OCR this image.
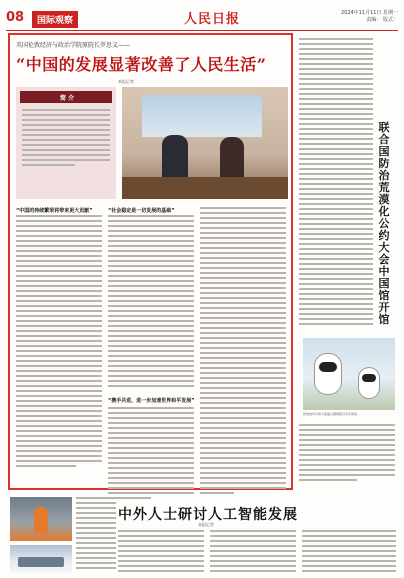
08	国际观察	人民日报	2024年11月11日 星期一
责编： 版式：
英国伦敦经济与政治学院原院长罗思义——
“中国的发展显著改善了人民生活”
本报记者
简 介
“中国的持续繁荣将带来更大贡献”	“社会稳定是一切发展的基础”
“携手共进，进一步加速世界和平发展”
联合国防治荒漠化公约大会中国馆开馆
新加坡举办的大熊猫主题展吸引众多游客。
中外人士研讨人工智能发展
本报记者
